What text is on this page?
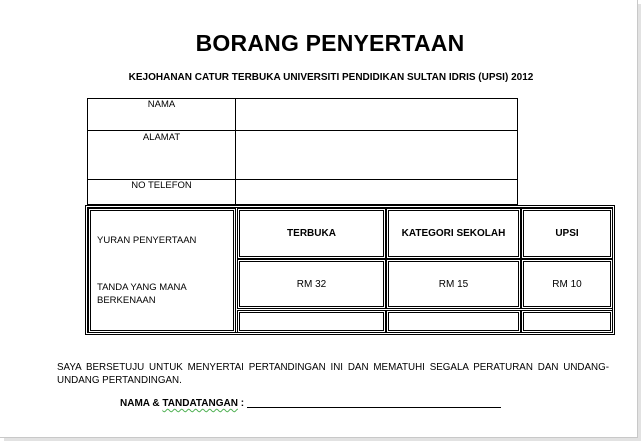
BORANG PENYERTAAN
KEJOHANAN CATUR TERBUKA UNIVERSITI PENDIDIKAN SULTAN IDRIS (UPSI) 2012
NAMA
ALAMAT
NO TELEFON
YURAN PENYERTAAN
TANDA YANG MANA BERKENAAN
TERBUKA	KATEGORI SEKOLAH	UPSI
RM 32	RM 15	RM 10
SAYA BERSETUJU UNTUK MENYERTAI PERTANDINGAN INI DAN MEMATUHI SEGALA PERATURAN DAN UNDANG-UNDANG PERTANDINGAN.
NAMA & TANDATANGAN :
